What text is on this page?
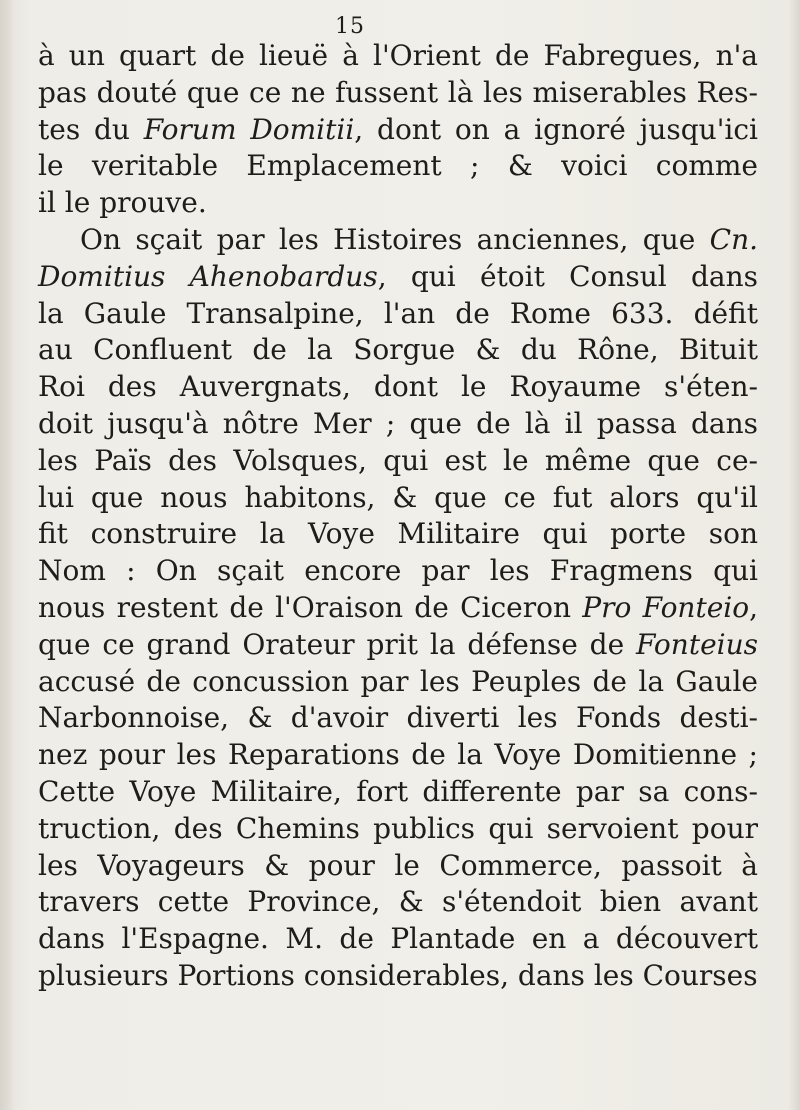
15
à un quart de lieuë à l'Orient de Fabregues, n'a
pas douté que ce ne fussent là les miserables Res-
tes du Forum Domitii, dont on a ignoré jusqu'ici
le veritable Emplacement ; & voici comme
il le prouve.
On sçait par les Histoires anciennes, que Cn.
Domitius Ahenobardus, qui étoit Consul dans
la Gaule Transalpine, l'an de Rome 633. défit
au Confluent de la Sorgue & du Rône, Bituit
Roi des Auvergnats, dont le Royaume s'éten-
doit jusqu'à nôtre Mer ; que de là il passa dans
les Païs des Volsques, qui est le même que ce-
lui que nous habitons, & que ce fut alors qu'il
fit construire la Voye Militaire qui porte son
Nom : On sçait encore par les Fragmens qui
nous restent de l'Oraison de Ciceron Pro Fonteio,
que ce grand Orateur prit la défense de Fonteius
accusé de concussion par les Peuples de la Gaule
Narbonnoise, & d'avoir diverti les Fonds desti-
nez pour les Reparations de la Voye Domitienne ;
Cette Voye Militaire, fort differente par sa cons-
truction, des Chemins publics qui servoient pour
les Voyageurs & pour le Commerce, passoit à
travers cette Province, & s'étendoit bien avant
dans l'Espagne. M. de Plantade en a découvert
plusieurs Portions considerables, dans les Courses
